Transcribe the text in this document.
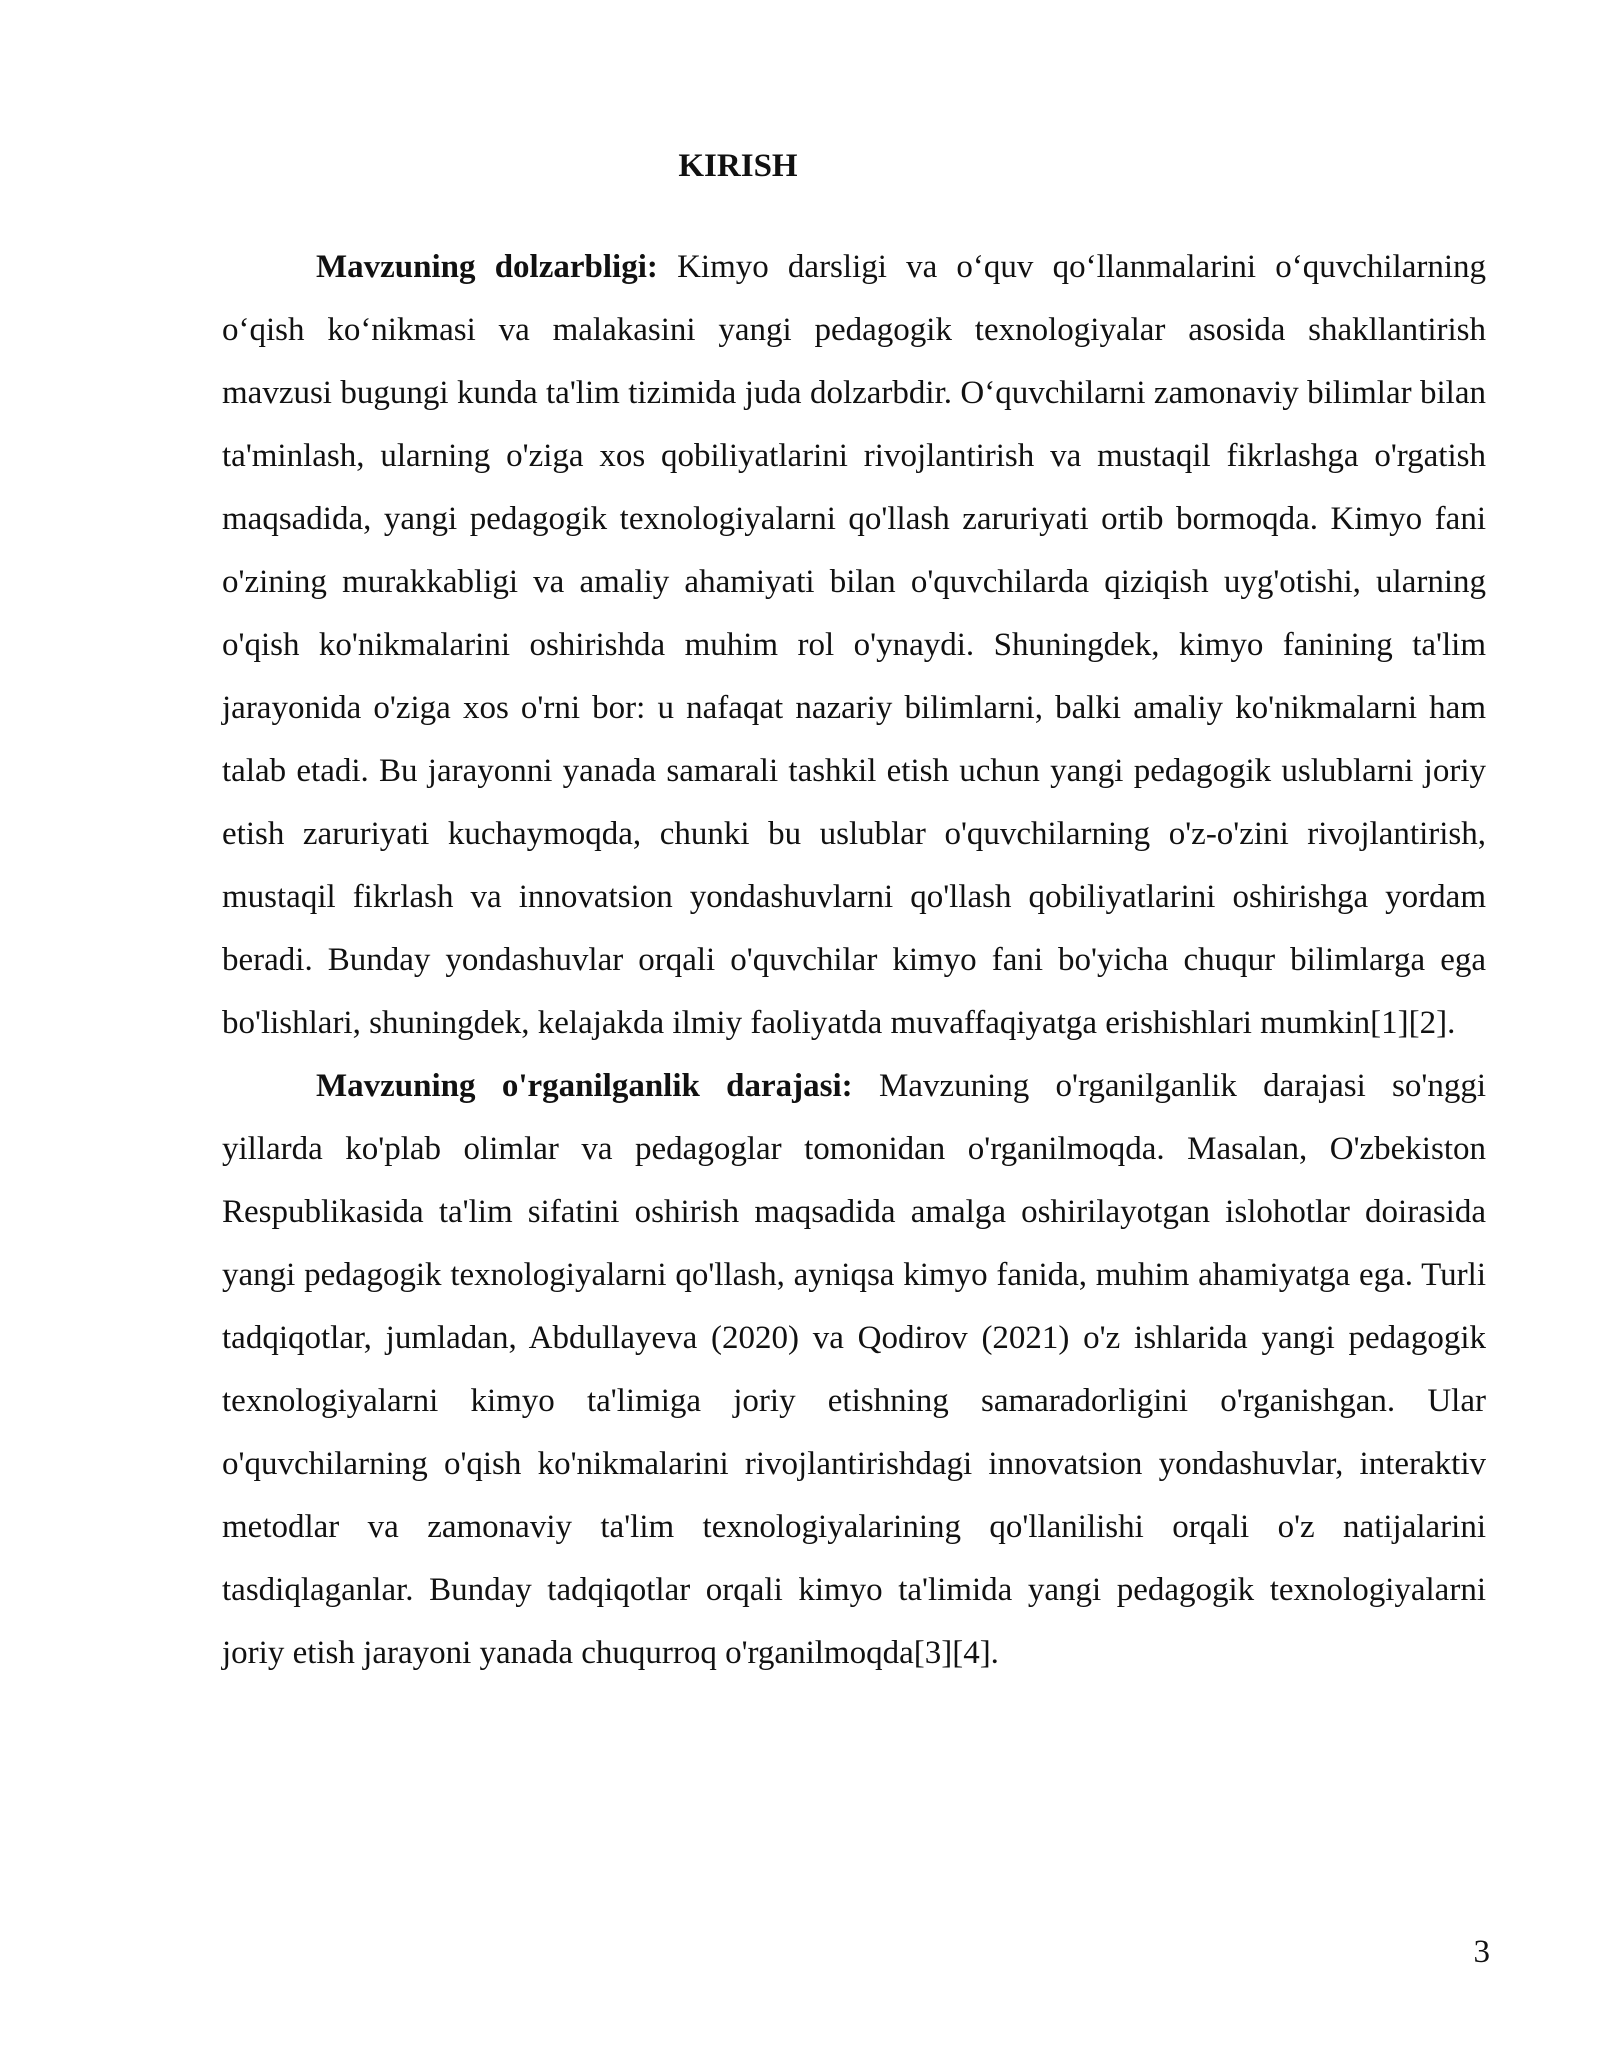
KIRISH

Mavzuning dolzarbligi: Kimyo darsligi va o‘quv qo‘llanmalarini o‘quvchilarning o‘qish ko‘nikmasi va malakasini yangi pedagogik texnologiyalar asosida shakllantirish mavzusi bugungi kunda ta'lim tizimida juda dolzarbdir. O‘quvchilarni zamonaviy bilimlar bilan ta'minlash, ularning o'ziga xos qobiliyatlarini rivojlantirish va mustaqil fikrlashga o'rgatish maqsadida, yangi pedagogik texnologiyalarni qo'llash zaruriyati ortib bormoqda. Kimyo fani o'zining murakkabligi va amaliy ahamiyati bilan o'quvchilarda qiziqish uyg'otishi, ularning o'qish ko'nikmalarini oshirishda muhim rol o'ynaydi. Shuningdek, kimyo fanining ta'lim jarayonida o'ziga xos o'rni bor: u nafaqat nazariy bilimlarni, balki amaliy ko'nikmalarni ham talab etadi. Bu jarayonni yanada samarali tashkil etish uchun yangi pedagogik uslublarni joriy etish zaruriyati kuchaymoqda, chunki bu uslublar o'quvchilarning o'z-o'zini rivojlantirish, mustaqil fikrlash va innovatsion yondashuvlarni qo'llash qobiliyatlarini oshirishga yordam beradi. Bunday yondashuvlar orqali o'quvchilar kimyo fani bo'yicha chuqur bilimlarga ega bo'lishlari, shuningdek, kelajakda ilmiy faoliyatda muvaffaqiyatga erishishlari mumkin[1][2].

Mavzuning o'rganilganlik darajasi: Mavzuning o'rganilganlik darajasi so'nggi yillarda ko'plab olimlar va pedagoglar tomonidan o'rganilmoqda. Masalan, O'zbekiston Respublikasida ta'lim sifatini oshirish maqsadida amalga oshirilayotgan islohotlar doirasida yangi pedagogik texnologiyalarni qo'llash, ayniqsa kimyo fanida, muhim ahamiyatga ega. Turli tadqiqotlar, jumladan, Abdullayeva (2020) va Qodirov (2021) o'z ishlarida yangi pedagogik texnologiyalarni kimyo ta'limiga joriy etishning samaradorligini o'rganishgan. Ular o'quvchilarning o'qish ko'nikmalarini rivojlantirishdagi innovatsion yondashuvlar, interaktiv metodlar va zamonaviy ta'lim texnologiyalarining qo'llanilishi orqali o'z natijalarini tasdiqlaganlar. Bunday tadqiqotlar orqali kimyo ta'limida yangi pedagogik texnologiyalarni joriy etish jarayoni yanada chuqurroq o'rganilmoqda[3][4].

3
